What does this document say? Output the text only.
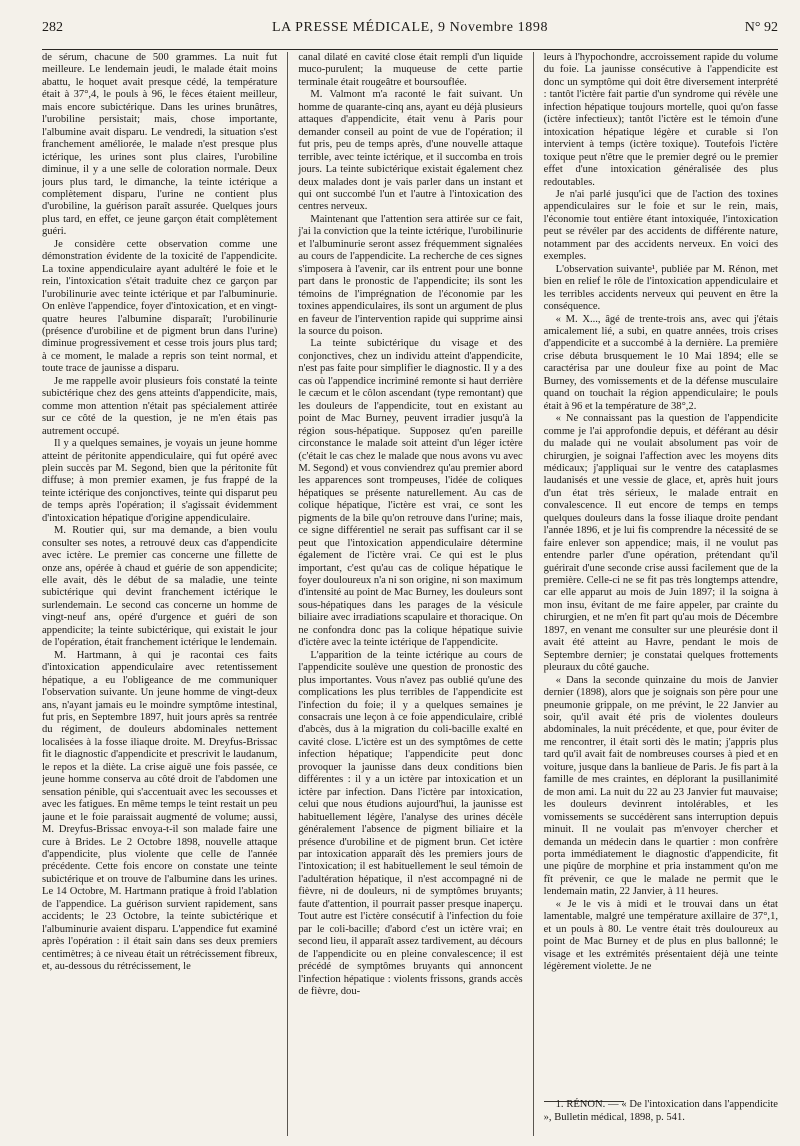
282	LA PRESSE MÉDICALE, 9 Novembre 1898	N° 92

de sérum, chacune de 500 grammes. La nuit fut meilleure. Le lendemain jeudi, le malade était moins abattu, le hoquet avait presque cédé, la température était à 37°,4, le pouls à 96, le fèces étaient meilleur, mais encore subictérique. Dans les urines brunâtres, l'urobiline persistait; mais, chose importante, l'albumine avait disparu. Le vendredi, la situation s'est franchement améliorée, le malade n'est presque plus ictérique, les urines sont plus claires, l'urobiline diminue, il y a une selle de coloration normale. Deux jours plus tard, le dimanche, la teinte ictérique a complètement disparu, l'urine ne contient plus d'urobiline, la guérison paraît assurée. Quelques jours plus tard, en effet, ce jeune garçon était complètement guéri.

Je considère cette observation comme une démonstration évidente de la toxicité de l'appendicite. La toxine appendiculaire ayant adultéré le foie et le rein, l'intoxication s'était traduite chez ce garçon par l'urobilinurie avec teinte ictérique et par l'albuminurie. On enlève l'appendice, foyer d'intoxication, et en vingt-quatre heures l'albumine disparaît; l'urobilinurie (présence d'urobiline et de pigment brun dans l'urine) diminue progressivement et cesse trois jours plus tard; à ce moment, le malade a repris son teint normal, et toute trace de jaunisse a disparu.

Je me rappelle avoir plusieurs fois constaté la teinte subictérique chez des gens atteints d'appendicite, mais, comme mon attention n'était pas spécialement attirée sur ce côté de la question, je ne m'en étais pas autrement occupé.

Il y a quelques semaines, je voyais un jeune homme atteint de péritonite appendiculaire, qui fut opéré avec plein succès par M. Segond, bien que la péritonite fût diffuse; à mon premier examen, je fus frappé de la teinte ictérique des conjonctives, teinte qui disparut peu de temps après l'opération; il s'agissait évidemment d'intoxication hépatique d'origine appendiculaire.

M. Routier qui, sur ma demande, a bien voulu consulter ses notes, a retrouvé deux cas d'appendicite avec ictère. Le premier cas concerne une fillette de onze ans, opérée à chaud et guérie de son appendicite; elle avait, dès le début de sa maladie, une teinte subictérique qui devint franchement ictérique le surlendemain. Le second cas concerne un homme de vingt-neuf ans, opéré d'urgence et guéri de son appendicite; la teinte subictérique, qui existait le jour de l'opération, était franchement ictérique le lendemain.

M. Hartmann, à qui je racontai ces faits d'intoxication appendiculaire avec retentissement hépatique, a eu l'obligeance de me communiquer l'observation suivante. Un jeune homme de vingt-deux ans, n'ayant jamais eu le moindre symptôme intestinal, fut pris, en Septembre 1897, huit jours après sa rentrée du régiment, de douleurs abdominales nettement localisées à la fosse iliaque droite. M. Dreyfus-Brissac fit le diagnostic d'appendicite et prescrivit le laudanum, le repos et la diète. La crise aiguë une fois passée, ce jeune homme conserva au côté droit de l'abdomen une sensation pénible, qui s'accentuait avec les secousses et avec les fatigues. En même temps le teint restait un peu jaune et le foie paraissait augmenté de volume; aussi, M. Dreyfus-Brissac envoya-t-il son malade faire une cure à Brides. Le 2 Octobre 1898, nouvelle attaque d'appendicite, plus violente que celle de l'année précédente. Cette fois encore on constate une teinte subictérique et on trouve de l'albumine dans les urines. Le 14 Octobre, M. Hartmann pratique à froid l'ablation de l'appendice. La guérison survient rapidement, sans accidents; le 23 Octobre, la teinte subictérique et l'albuminurie avaient disparu. L'appendice fut examiné après l'opération : il était sain dans ses deux premiers centimètres; à ce niveau était un rétrécissement fibreux, et, au-dessous du rétrécissement, le

canal dilaté en cavité close était rempli d'un liquide muco-purulent; la muqueuse de cette partie terminale était rougeâtre et boursouflée.

M. Valmont m'a raconté le fait suivant. Un homme de quarante-cinq ans, ayant eu déjà plusieurs attaques d'appendicite, était venu à Paris pour demander conseil au point de vue de l'opération; il fut pris, peu de temps après, d'une nouvelle attaque terrible, avec teinte ictérique, et il succomba en trois jours. La teinte subictérique existait également chez deux malades dont je vais parler dans un instant et qui ont succombé l'un et l'autre à l'intoxication des centres nerveux.

Maintenant que l'attention sera attirée sur ce fait, j'ai la conviction que la teinte ictérique, l'urobilinurie et l'albuminurie seront assez fréquemment signalées au cours de l'appendicite. La recherche de ces signes s'imposera à l'avenir, car ils entrent pour une bonne part dans le pronostic de l'appendicite; ils sont les témoins de l'imprégnation de l'économie par les toxines appendiculaires, ils sont un argument de plus en faveur de l'intervention rapide qui supprime ainsi la source du poison.

La teinte subictérique du visage et des conjonctives, chez un individu atteint d'appendicite, n'est pas faite pour simplifier le diagnostic. Il y a des cas où l'appendice incriminé remonte si haut derrière le cæcum et le côlon ascendant (type remontant) que les douleurs de l'appendicite, tout en existant au point de Mac Burney, peuvent irradier jusqu'à la région sous-hépatique. Supposez qu'en pareille circonstance le malade soit atteint d'un léger ictère (c'était le cas chez le malade que nous avons vu avec M. Segond) et vous conviendrez qu'au premier abord les apparences sont trompeuses, l'idée de coliques hépatiques se présente naturellement. Au cas de colique hépatique, l'ictère est vrai, ce sont les pigments de la bile qu'on retrouve dans l'urine; mais, ce signe différentiel ne serait pas suffisant car il se peut que l'intoxication appendiculaire détermine également de l'ictère vrai. Ce qui est le plus important, c'est qu'au cas de colique hépatique le foyer douloureux n'a ni son origine, ni son maximum d'intensité au point de Mac Burney, les douleurs sont sous-hépatiques dans les parages de la vésicule biliaire avec irradiations scapulaire et thoracique. On ne confondra donc pas la colique hépatique suivie d'ictère avec la teinte ictérique de l'appendicite.

L'apparition de la teinte ictérique au cours de l'appendicite soulève une question de pronostic des plus importantes. Vous n'avez pas oublié qu'une des complications les plus terribles de l'appendicite est l'infection du foie; il y a quelques semaines je consacrais une leçon à ce foie appendiculaire, criblé d'abcès, dus à la migration du coli-bacille exalté en cavité close. L'ictère est un des symptômes de cette infection hépatique; l'appendicite peut donc provoquer la jaunisse dans deux conditions bien différentes : il y a un ictère par intoxication et un ictère par infection. Dans l'ictère par intoxication, celui que nous étudions aujourd'hui, la jaunisse est habituellement légère, l'analyse des urines décèle généralement l'absence de pigment biliaire et la présence d'urobiline et de pigment brun. Cet ictère par intoxication apparaît dès les premiers jours de l'intoxication; il est habituellement le seul témoin de l'adultération hépatique, il n'est accompagné ni de fièvre, ni de douleurs, ni de symptômes bruyants; faute d'attention, il pourrait passer presque inaperçu. Tout autre est l'ictère consécutif à l'infection du foie par le coli-bacille; d'abord c'est un ictère vrai; en second lieu, il apparaît assez tardivement, au décours de l'appendicite ou en pleine convalescence; il est précédé de symptômes bruyants qui annoncent l'infection hépatique : violents frissons, grands accès de fièvre, dou-

leurs à l'hypochondre, accroissement rapide du volume du foie. La jaunisse consécutive à l'appendicite est donc un symptôme qui doit être diversement interprété : tantôt l'ictère fait partie d'un syndrome qui révèle une infection hépatique toujours mortelle, quoi qu'on fasse (ictère infectieux); tantôt l'ictère est le témoin d'une intoxication hépatique légère et curable si l'on intervient à temps (ictère toxique). Toutefois l'ictère toxique peut n'être que le premier degré ou le premier effet d'une intoxication généralisée des plus redoutables.

Je n'ai parlé jusqu'ici que de l'action des toxines appendiculaires sur le foie et sur le rein, mais, l'économie tout entière étant intoxiquée, l'intoxication peut se révéler par des accidents de différente nature, notamment par des accidents nerveux. En voici des exemples.

L'observation suivante¹, publiée par M. Rénon, met bien en relief le rôle de l'intoxication appendiculaire et les terribles accidents nerveux qui peuvent en être la conséquence.

« M. X..., âgé de trente-trois ans, avec qui j'étais amicalement lié, a subi, en quatre années, trois crises d'appendicite et a succombé à la dernière. La première crise débuta brusquement le 10 Mai 1894; elle se caractérisa par une douleur fixe au point de Mac Burney, des vomissements et de la défense musculaire quand on touchait la région appendiculaire; le pouls était à 96 et la température de 38°,2.

« Ne connaissant pas la question de l'appendicite comme je l'ai approfondie depuis, et déférant au désir du malade qui ne voulait absolument pas voir de chirurgien, je soignai l'affection avec les moyens dits médicaux; j'appliquai sur le ventre des cataplasmes laudanisés et une vessie de glace, et, après huit jours d'un état très sérieux, le malade entrait en convalescence. Il eut encore de temps en temps quelques douleurs dans la fosse iliaque droite pendant l'année 1896, et je lui fis comprendre la nécessité de se faire enlever son appendice; mais, il ne voulut pas entendre parler d'une opération, prétendant qu'il guérirait d'une seconde crise aussi facilement que de la première. Celle-ci ne se fit pas très longtemps attendre, car elle apparut au mois de Juin 1897; il la soigna à mon insu, évitant de me faire appeler, par crainte du chirurgien, et ne m'en fit part qu'au mois de Décembre 1897, en venant me consulter sur une pleurésie dont il avait été atteint au Havre, pendant le mois de Septembre dernier; je constatai quelques frottements pleuraux du côté gauche.

« Dans la seconde quinzaine du mois de Janvier dernier (1898), alors que je soignais son père pour une pneumonie grippale, on me prévint, le 22 Janvier au soir, qu'il avait été pris de violentes douleurs abdominales, la nuit précédente, et que, pour éviter de me rencontrer, il était sorti dès le matin; j'appris plus tard qu'il avait fait de nombreuses courses à pied et en voiture, jusque dans la banlieue de Paris. Je fis part à la famille de mes craintes, en déplorant la pusillanimité de mon ami. La nuit du 22 au 23 Janvier fut mauvaise; les douleurs devinrent intolérables, et les vomissements se succédèrent sans interruption depuis minuit. Il ne voulait pas m'envoyer chercher et demanda un médecin dans le quartier : mon confrère porta immédiatement le diagnostic d'appendicite, fit une piqûre de morphine et pria instamment qu'on me fît prévenir, ce que le malade ne permit que le lendemain matin, 22 Janvier, à 11 heures.

« Je le vis à midi et le trouvai dans un état lamentable, malgré une température axillaire de 37°,1, et un pouls à 80. Le ventre était très douloureux au point de Mac Burney et de plus en plus ballonné; le visage et les extrémités présentaient déjà une teinte légèrement violette. Je ne

1. RÉNON. — « De l'intoxication dans l'appendicite », Bulletin médical, 1898, p. 541.
